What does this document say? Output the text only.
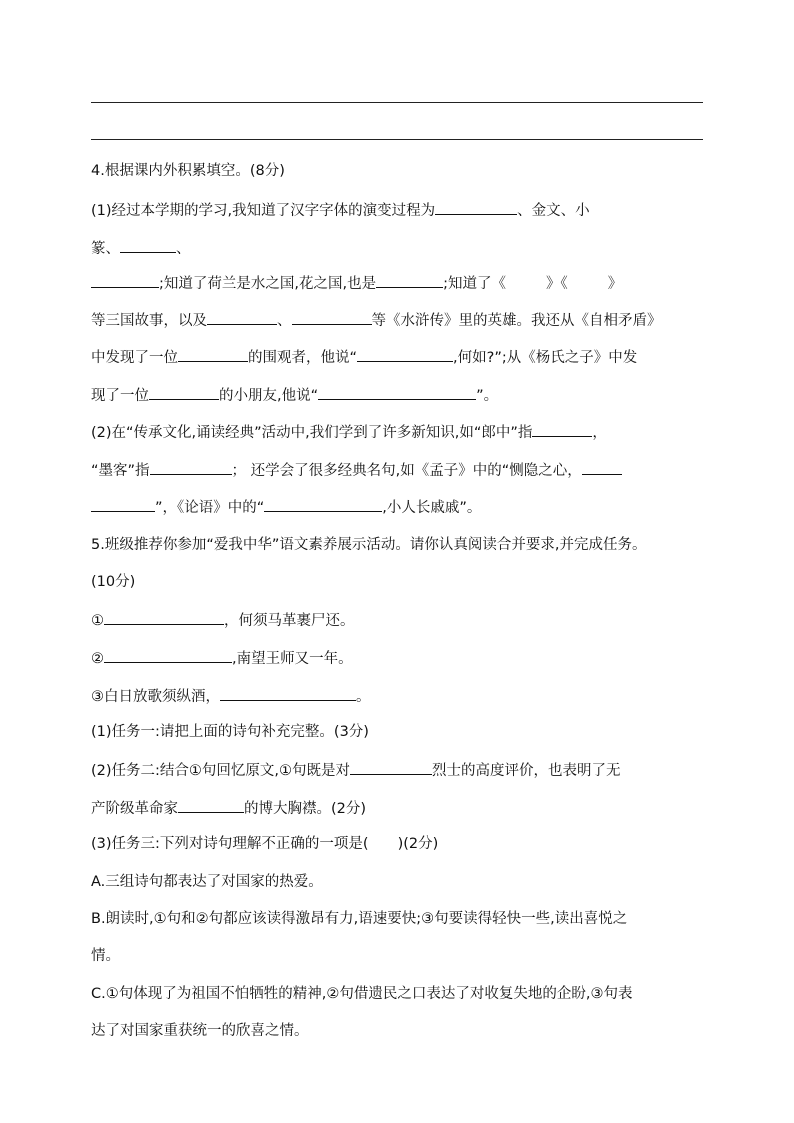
4.根据课内外积累填空。(8分)
(1)经过本学期的学习,我知道了汉字字体的演变过程为	、金文、小
篆、	、
;知道了荷兰是水之国,花之国,也是	;知道了《	》《	》
等三国故事，以及	、	等《水浒传》里的英雄。我还从《自相矛盾》
中发现了一位	的围观者，他说“	,何如?”;从《杨氏之子》中发
现了一位	的小朋友,他说“	”。
(2)在“传承文化,诵读经典”活动中,我们学到了许多新知识,如“郎中”指	，
“墨客”指	； 还学会了很多经典名句,如《孟子》中的“恻隐之心，
”，《论语》中的“	,小人长戚戚”。
5.班级推荐你参加“爱我中华”语文素养展示活动。请你认真阅读合并要求,并完成任务。
(10分)
①	，何须马革裹尸还。
②	,南望王师又一年。
③白日放歌须纵酒，	。
(1)任务一:请把上面的诗句补充完整。(3分)
(2)任务二:结合①句回忆原文,①句既是对	烈士的高度评价，也表明了无
产阶级革命家	的博大胸襟。(2分)
(3)任务三:下列对诗句理解不正确的一项是(　　)(2分)
A.三组诗句都表达了对国家的热爱。
B.朗读时,①句和②句都应该读得激昂有力,语速要快;③句要读得轻快一些,读出喜悦之
情。
C.①句体现了为祖国不怕牺牲的精神,②句借遗民之口表达了对收复失地的企盼,③句表
达了对国家重获统一的欣喜之情。
